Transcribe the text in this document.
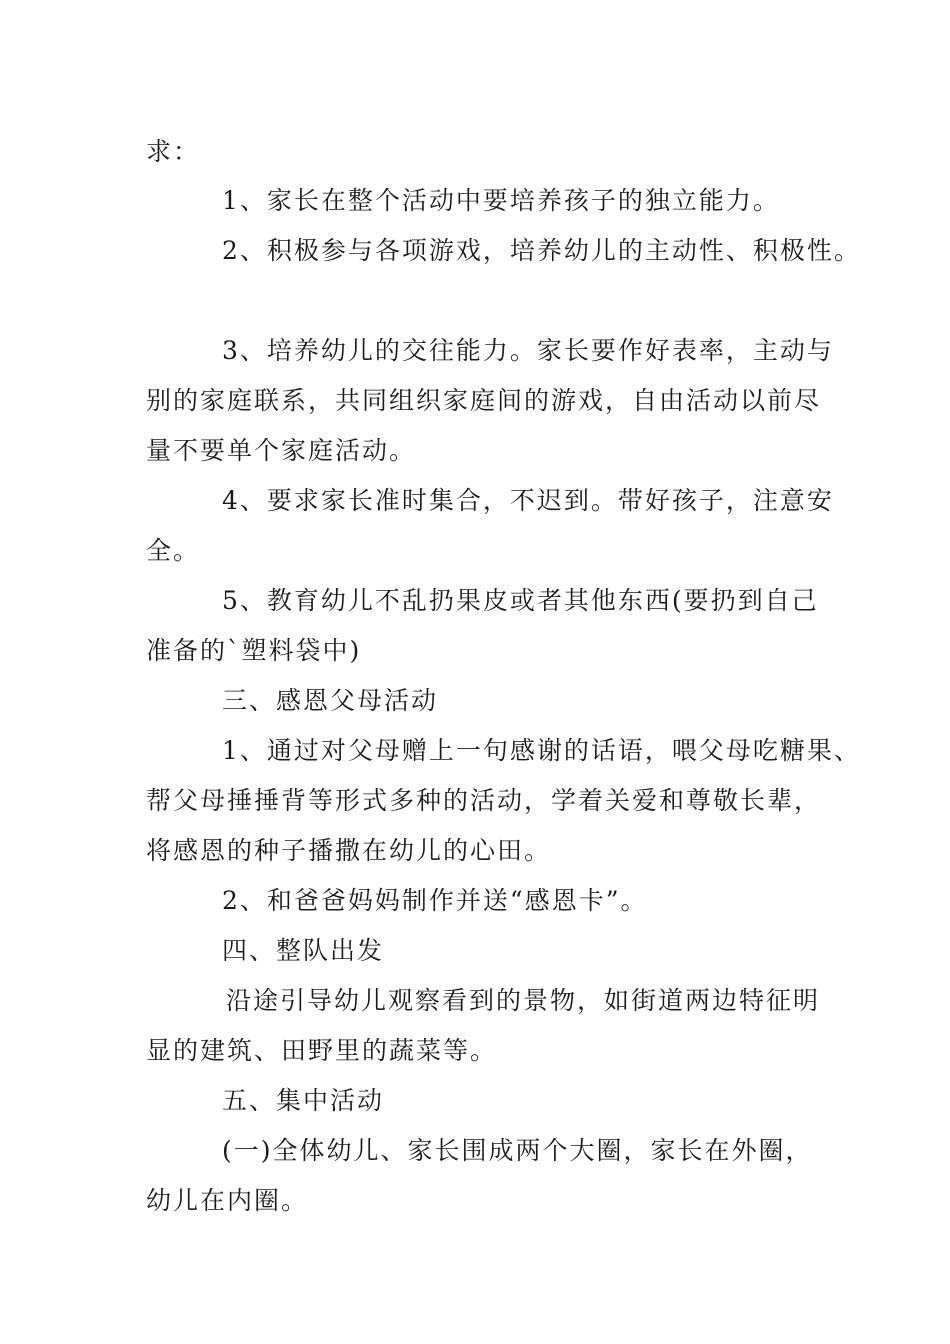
求：
1、家长在整个活动中要培养孩子的独立能力。
2、积极参与各项游戏，培养幼儿的主动性、积极性。
3、培养幼儿的交往能力。家长要作好表率，主动与
别的家庭联系，共同组织家庭间的游戏，自由活动以前尽
量不要单个家庭活动。
4、要求家长准时集合，不迟到。带好孩子，注意安
全。
5、教育幼儿不乱扔果皮或者其他东西(要扔到自己
准备的`塑料袋中)
三、感恩父母活动
1、通过对父母赠上一句感谢的话语，喂父母吃糖果、
帮父母捶捶背等形式多种的活动，学着关爱和尊敬长辈，
将感恩的种子播撒在幼儿的心田。
2、和爸爸妈妈制作并送“感恩卡”。
四、整队出发
沿途引导幼儿观察看到的景物，如街道两边特征明
显的建筑、田野里的蔬菜等。
五、集中活动
(一)全体幼儿、家长围成两个大圈，家长在外圈，
幼儿在内圈。
